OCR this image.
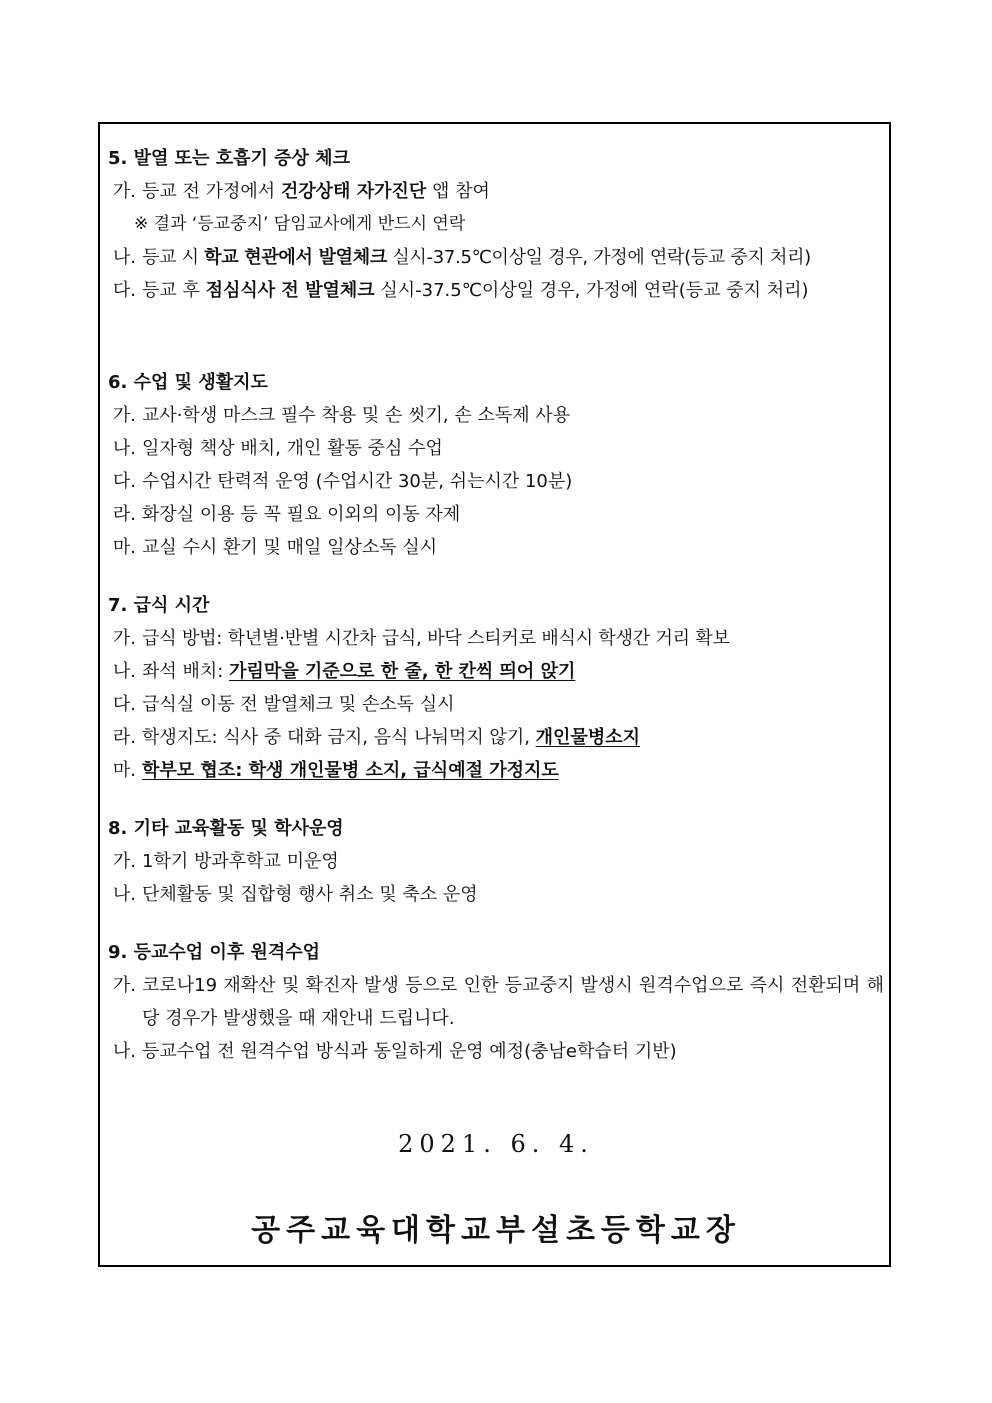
5. 발열 또는 호흡기 증상 체크
가. 등교 전 가정에서 건강상태 자가진단 앱 참여
※ 결과 ‘등교중지’ 담임교사에게 반드시 연락
나. 등교 시 학교 현관에서 발열체크 실시-37.5℃이상일 경우, 가정에 연락(등교 중지 처리)
다. 등교 후 점심식사 전 발열체크 실시-37.5℃이상일 경우, 가정에 연락(등교 중지 처리)
6. 수업 및 생활지도
가. 교사·학생 마스크 필수 착용 및 손 씻기, 손 소독제 사용
나. 일자형 책상 배치, 개인 활동 중심 수업
다. 수업시간 탄력적 운영 (수업시간 30분, 쉬는시간 10분)
라. 화장실 이용 등 꼭 필요 이외의 이동 자제
마. 교실 수시 환기 및 매일 일상소독 실시
7. 급식 시간
가. 급식 방법: 학년별·반별 시간차 급식, 바닥 스티커로 배식시 학생간 거리 확보
나. 좌석 배치: 가림막을 기준으로 한 줄, 한 칸씩 띄어 앉기
다. 급식실 이동 전 발열체크 및 손소독 실시
라. 학생지도: 식사 중 대화 금지, 음식 나눠먹지 않기, 개인물병소지
마. 학부모 협조: 학생 개인물병 소지, 급식예절 가정지도
8. 기타 교육활동 및 학사운영
가. 1학기 방과후학교 미운영
나. 단체활동 및 집합형 행사 취소 및 축소 운영
9. 등교수업 이후 원격수업
가. 코로나19 재확산 및 확진자 발생 등으로 인한 등교중지 발생시 원격수업으로 즉시 전환되며 해당 경우가 발생했을 때 재안내 드립니다.
나. 등교수업 전 원격수업 방식과 동일하게 운영 예정(충남e학습터 기반)
2021. 6. 4.
공주교육대학교부설초등학교장
